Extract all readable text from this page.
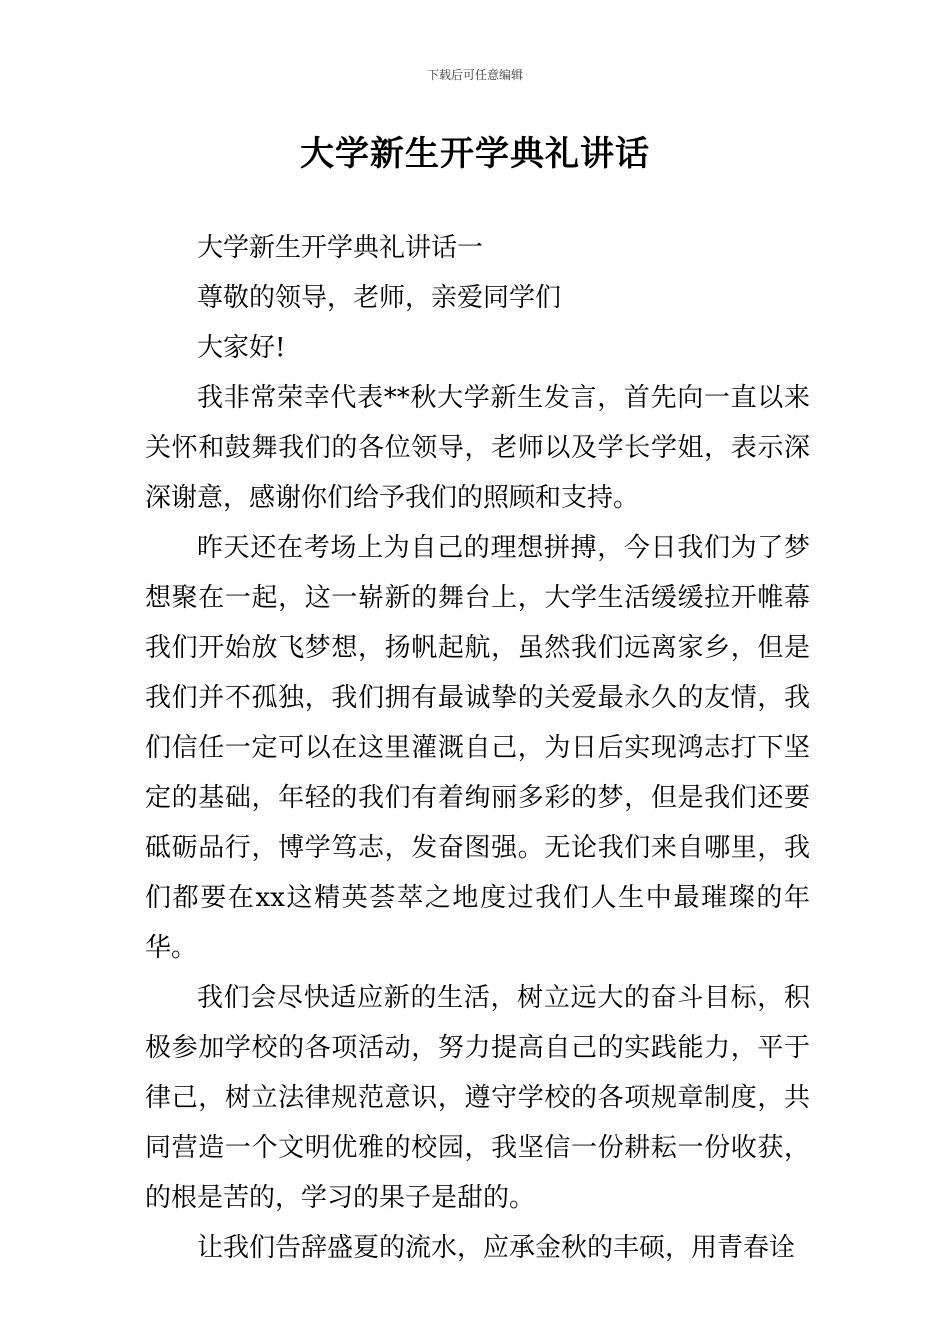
下载后可任意编辑
大学新生开学典礼讲话

大学新生开学典礼讲话一

尊敬的领导，老师，亲爱同学们

大家好!

我非常荣幸代表**秋大学新生发言，首先向一直以来关怀和鼓舞我们的各位领导，老师以及学长学姐，表示深深谢意，感谢你们给予我们的照顾和支持。

昨天还在考场上为自己的理想拼搏，今日我们为了梦想聚在一起，这一崭新的舞台上，大学生活缓缓拉开帷幕我们开始放飞梦想，扬帆起航，虽然我们远离家乡，但是我们并不孤独，我们拥有最诚挚的关爱最永久的友情，我们信任一定可以在这里灌溉自己，为日后实现鸿志打下坚定的基础，年轻的我们有着绚丽多彩的梦，但是我们还要砥砺品行，博学笃志，发奋图强。无论我们来自哪里，我们都要在xx这精英荟萃之地度过我们人生中最璀璨的年华。

我们会尽快适应新的生活，树立远大的奋斗目标，积极参加学校的各项活动，努力提高自己的实践能力，平于律己，树立法律规范意识，遵守学校的各项规章制度，共同营造一个文明优雅的校园，我坚信一份耕耘一份收获，的根是苦的，学习的果子是甜的。

让我们告辞盛夏的流水，应承金秋的丰硕，用青春诠
